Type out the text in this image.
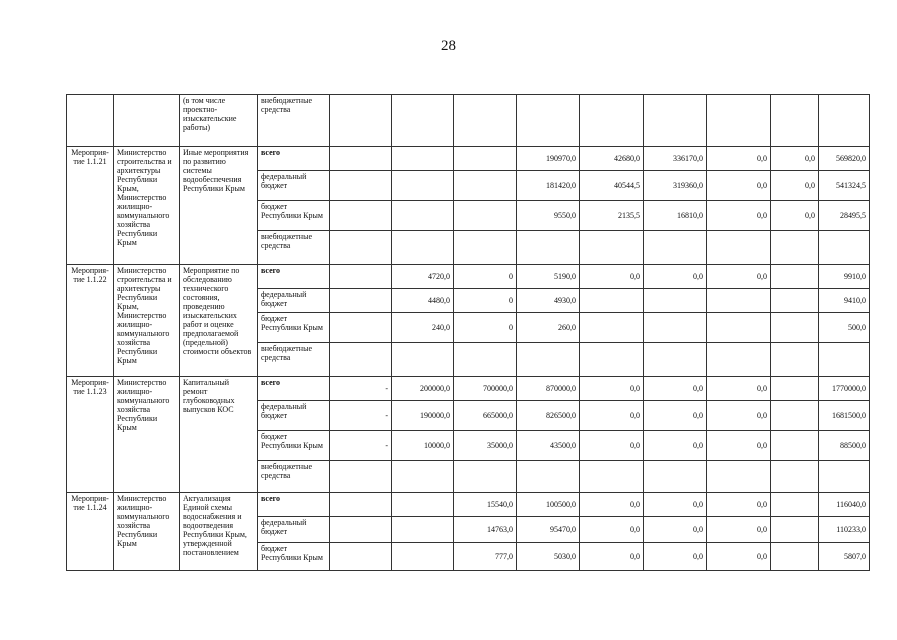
28
		(в том числе проектно-изыскательские работы)	внебюджетные средства									
Мероприя-тие 1.1.21	Министерство строительства и архитектуры Республики Крым, Министерство жилищно-коммунального хозяйства Республики Крым	Иные мероприятия по развитию системы водообеспечения Республики Крым	всего				190970,0	42680,0	336170,0	0,0	0,0	569820,0
			федеральный бюджет				181420,0	40544,5	319360,0	0,0	0,0	541324,5
			бюджет Республики Крым				9550,0	2135,5	16810,0	0,0	0,0	28495,5
			внебюджетные средства									
Мероприя-тие 1.1.22	Министерство строительства и архитектуры Республики Крым, Министерство жилищно-коммунального хозяйства Республики Крым	Мероприятие по обследованию технического состояния, проведению изыскательских работ и оценке предполагаемой (предельной) стоимости объектов	всего		4720,0	0	5190,0	0,0	0,0	0,0		9910,0
			федеральный бюджет		4480,0	0	4930,0					9410,0
			бюджет Республики Крым		240,0	0	260,0					500,0
			внебюджетные средства									
Мероприя-тие 1.1.23	Министерство жилищно-коммунального хозяйства Республики Крым	Капитальный ремонт глубоководных выпусков КОС	всего	-	200000,0	700000,0	870000,0	0,0	0,0	0,0		1770000,0
			федеральный бюджет	-	190000,0	665000,0	826500,0	0,0	0,0	0,0		1681500,0
			бюджет Республики Крым	-	10000,0	35000,0	43500,0	0,0	0,0	0,0		88500,0
			внебюджетные средства									
Мероприя-тие 1.1.24	Министерство жилищно-коммунального хозяйства Республики Крым	Актуализация Единой схемы водоснабжения и водоотведения Республики Крым, утвержденной постановлением	всего			15540,0	100500,0	0,0	0,0	0,0		116040,0
			федеральный бюджет			14763,0	95470,0	0,0	0,0	0,0		110233,0
			бюджет Республики Крым			777,0	5030,0	0,0	0,0	0,0		5807,0
